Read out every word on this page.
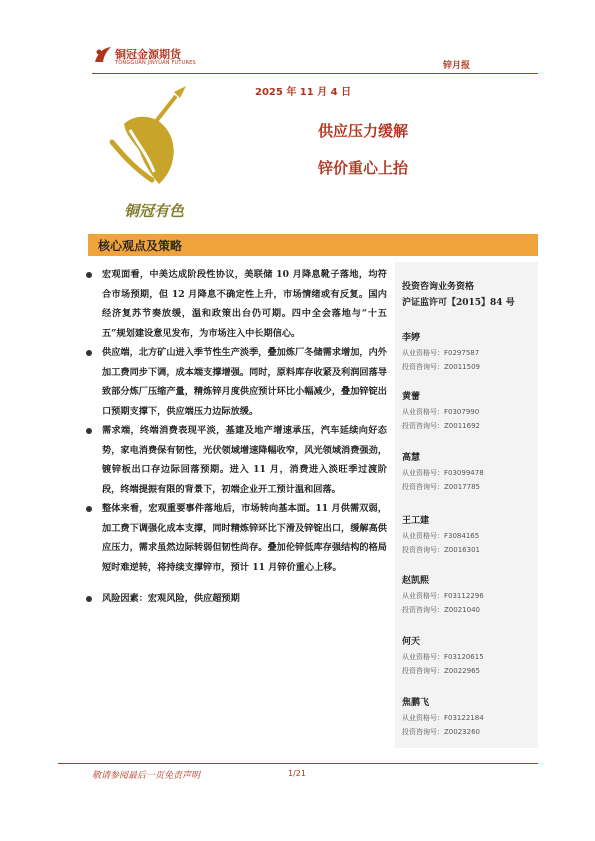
铜冠金源期货
TONGGUAN JINYUAN FUTURES	锌月报
2025 年 11 月 4 日
供应压力缓解
锌价重心上抬
铜冠有色
核心观点及策略
宏观面看，中美达成阶段性协议，美联储 10 月降息靴子落地，均符合市场预期，但 12 月降息不确定性上升，市场情绪或有反复。国内经济复苏节奏放缓，温和政策出台仍可期。四中全会落地与“十五五”规划建设意见发布，为市场注入中长期信心。
供应端，北方矿山进入季节性生产淡季，叠加炼厂冬储需求增加，内外加工费同步下调，成本端支撑增强。同时，原料库存收紧及利润回落导致部分炼厂压缩产量，精炼锌月度供应预计环比小幅减少，叠加锌锭出口预期支撑下，供应端压力边际放缓。
需求端，终端消费表现平淡，基建及地产增速承压，汽车延续向好态势，家电消费保有韧性，光伏领域增速降幅收窄，风光领域消费强劲，镀锌板出口存边际回落预期。进入 11 月，消费进入淡旺季过渡阶段，终端提振有限的背景下，初端企业开工预计温和回落。
整体来看，宏观重要事件落地后，市场转向基本面。11 月供需双弱，加工费下调强化成本支撑，同时精炼锌环比下滑及锌锭出口，缓解高供应压力，需求虽然边际转弱但韧性尚存。叠加伦锌低库存强结构的格局短时难逆转，将持续支撑锌市，预计 11 月锌价重心上移。
风险因素：宏观风险，供应超预期
投资咨询业务资格
沪证监许可【2015】84 号
李婷
从业资格号：F0297587
投资咨询号：Z0011509
黄蕾
从业资格号：F0307990
投资咨询号：Z0011692
高慧
从业资格号：F03099478
投资咨询号：Z0017785
王工建
从业资格号：F3084165
投资咨询号：Z0016301
赵凯熙
从业资格号：F03112296
投资咨询号：Z0021040
何天
从业资格号：F03120615
投资咨询号：Z0022965
焦鹏飞
从业资格号：F03122184
投资咨询号：Z0023260
敬请参阅最后一页免责声明	1/21
